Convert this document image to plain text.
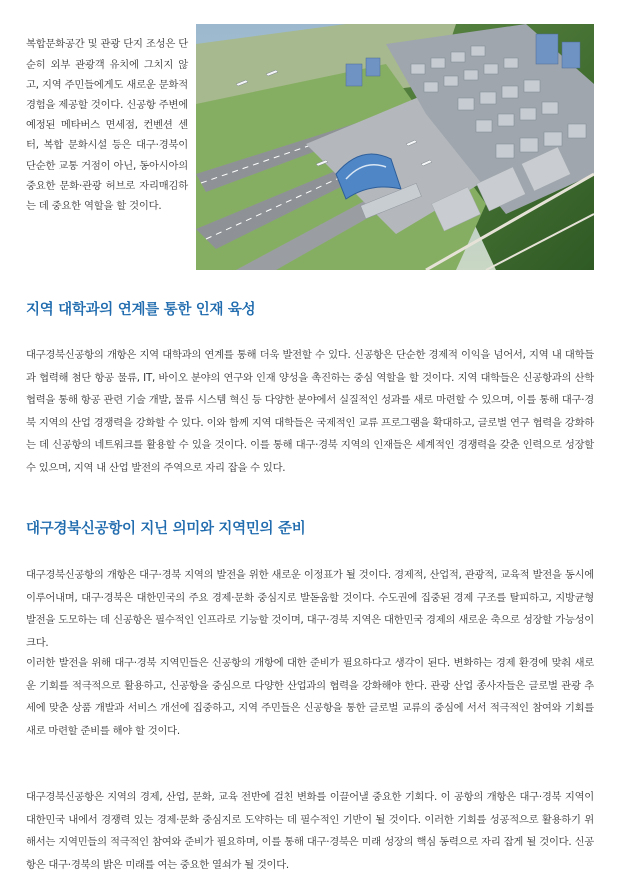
복합문화공간 및 관광 단지 조성은 단순히 외부 관광객 유치에 그치지 않고, 지역 주민들에게도 새로운 문화적 경험을 제공할 것이다. 신공항 주변에 예정된 메타버스 면세점, 컨벤션 센터, 복합 문화시설 등은 대구·경북이 단순한 교통 거점이 아닌, 동아시아의 중요한 문화·관광 허브로 자리매김하는 데 중요한 역할을 할 것이다.

지역 대학과의 연계를 통한 인재 육성

대구경북신공항의 개항은 지역 대학과의 연계를 통해 더욱 발전할 수 있다. 신공항은 단순한 경제적 이익을 넘어서, 지역 내 대학들과 협력해 첨단 항공 물류, IT, 바이오 분야의 연구와 인재 양성을 촉진하는 중심 역할을 할 것이다. 지역 대학들은 신공항과의 산학 협력을 통해 항공 관련 기술 개발, 물류 시스템 혁신 등 다양한 분야에서 실질적인 성과를 새로 마련할 수 있으며, 이를 통해 대구·경북 지역의 산업 경쟁력을 강화할 수 있다. 이와 함께 지역 대학들은 국제적인 교류 프로그램을 확대하고, 글로벌 연구 협력을 강화하는 데 신공항의 네트워크를 활용할 수 있을 것이다. 이를 통해 대구·경북 지역의 인재들은 세계적인 경쟁력을 갖춘 인력으로 성장할 수 있으며, 지역 내 산업 발전의 주역으로 자리 잡을 수 있다.

대구경북신공항이 지닌 의미와 지역민의 준비

대구경북신공항의 개항은 대구·경북 지역의 발전을 위한 새로운 이정표가 될 것이다. 경제적, 산업적, 관광적, 교육적 발전을 동시에 이루어내며, 대구·경북은 대한민국의 주요 경제·문화 중심지로 발돋움할 것이다. 수도권에 집중된 경제 구조를 탈피하고, 지방균형발전을 도모하는 데 신공항은 필수적인 인프라로 기능할 것이며, 대구·경북 지역은 대한민국 경제의 새로운 축으로 성장할 가능성이 크다.

이러한 발전을 위해 대구·경북 지역민들은 신공항의 개항에 대한 준비가 필요하다고 생각이 된다. 변화하는 경제 환경에 맞춰 새로운 기회를 적극적으로 활용하고, 신공항을 중심으로 다양한 산업과의 협력을 강화해야 한다. 관광 산업 종사자들은 글로벌 관광 추세에 맞춘 상품 개발과 서비스 개선에 집중하고, 지역 주민들은 신공항을 통한 글로벌 교류의 중심에 서서 적극적인 참여와 기회를 새로 마련할 준비를 해야 할 것이다.

대구경북신공항은 지역의 경제, 산업, 문화, 교육 전반에 걸친 변화를 이끌어낼 중요한 기회다. 이 공항의 개항은 대구·경북 지역이 대한민국 내에서 경쟁력 있는 경제·문화 중심지로 도약하는 데 필수적인 기반이 될 것이다. 이러한 기회를 성공적으로 활용하기 위해서는 지역민들의 적극적인 참여와 준비가 필요하며, 이를 통해 대구·경북은 미래 성장의 핵심 동력으로 자리 잡게 될 것이다. 신공항은 대구·경북의 밝은 미래를 여는 중요한 열쇠가 될 것이다.
